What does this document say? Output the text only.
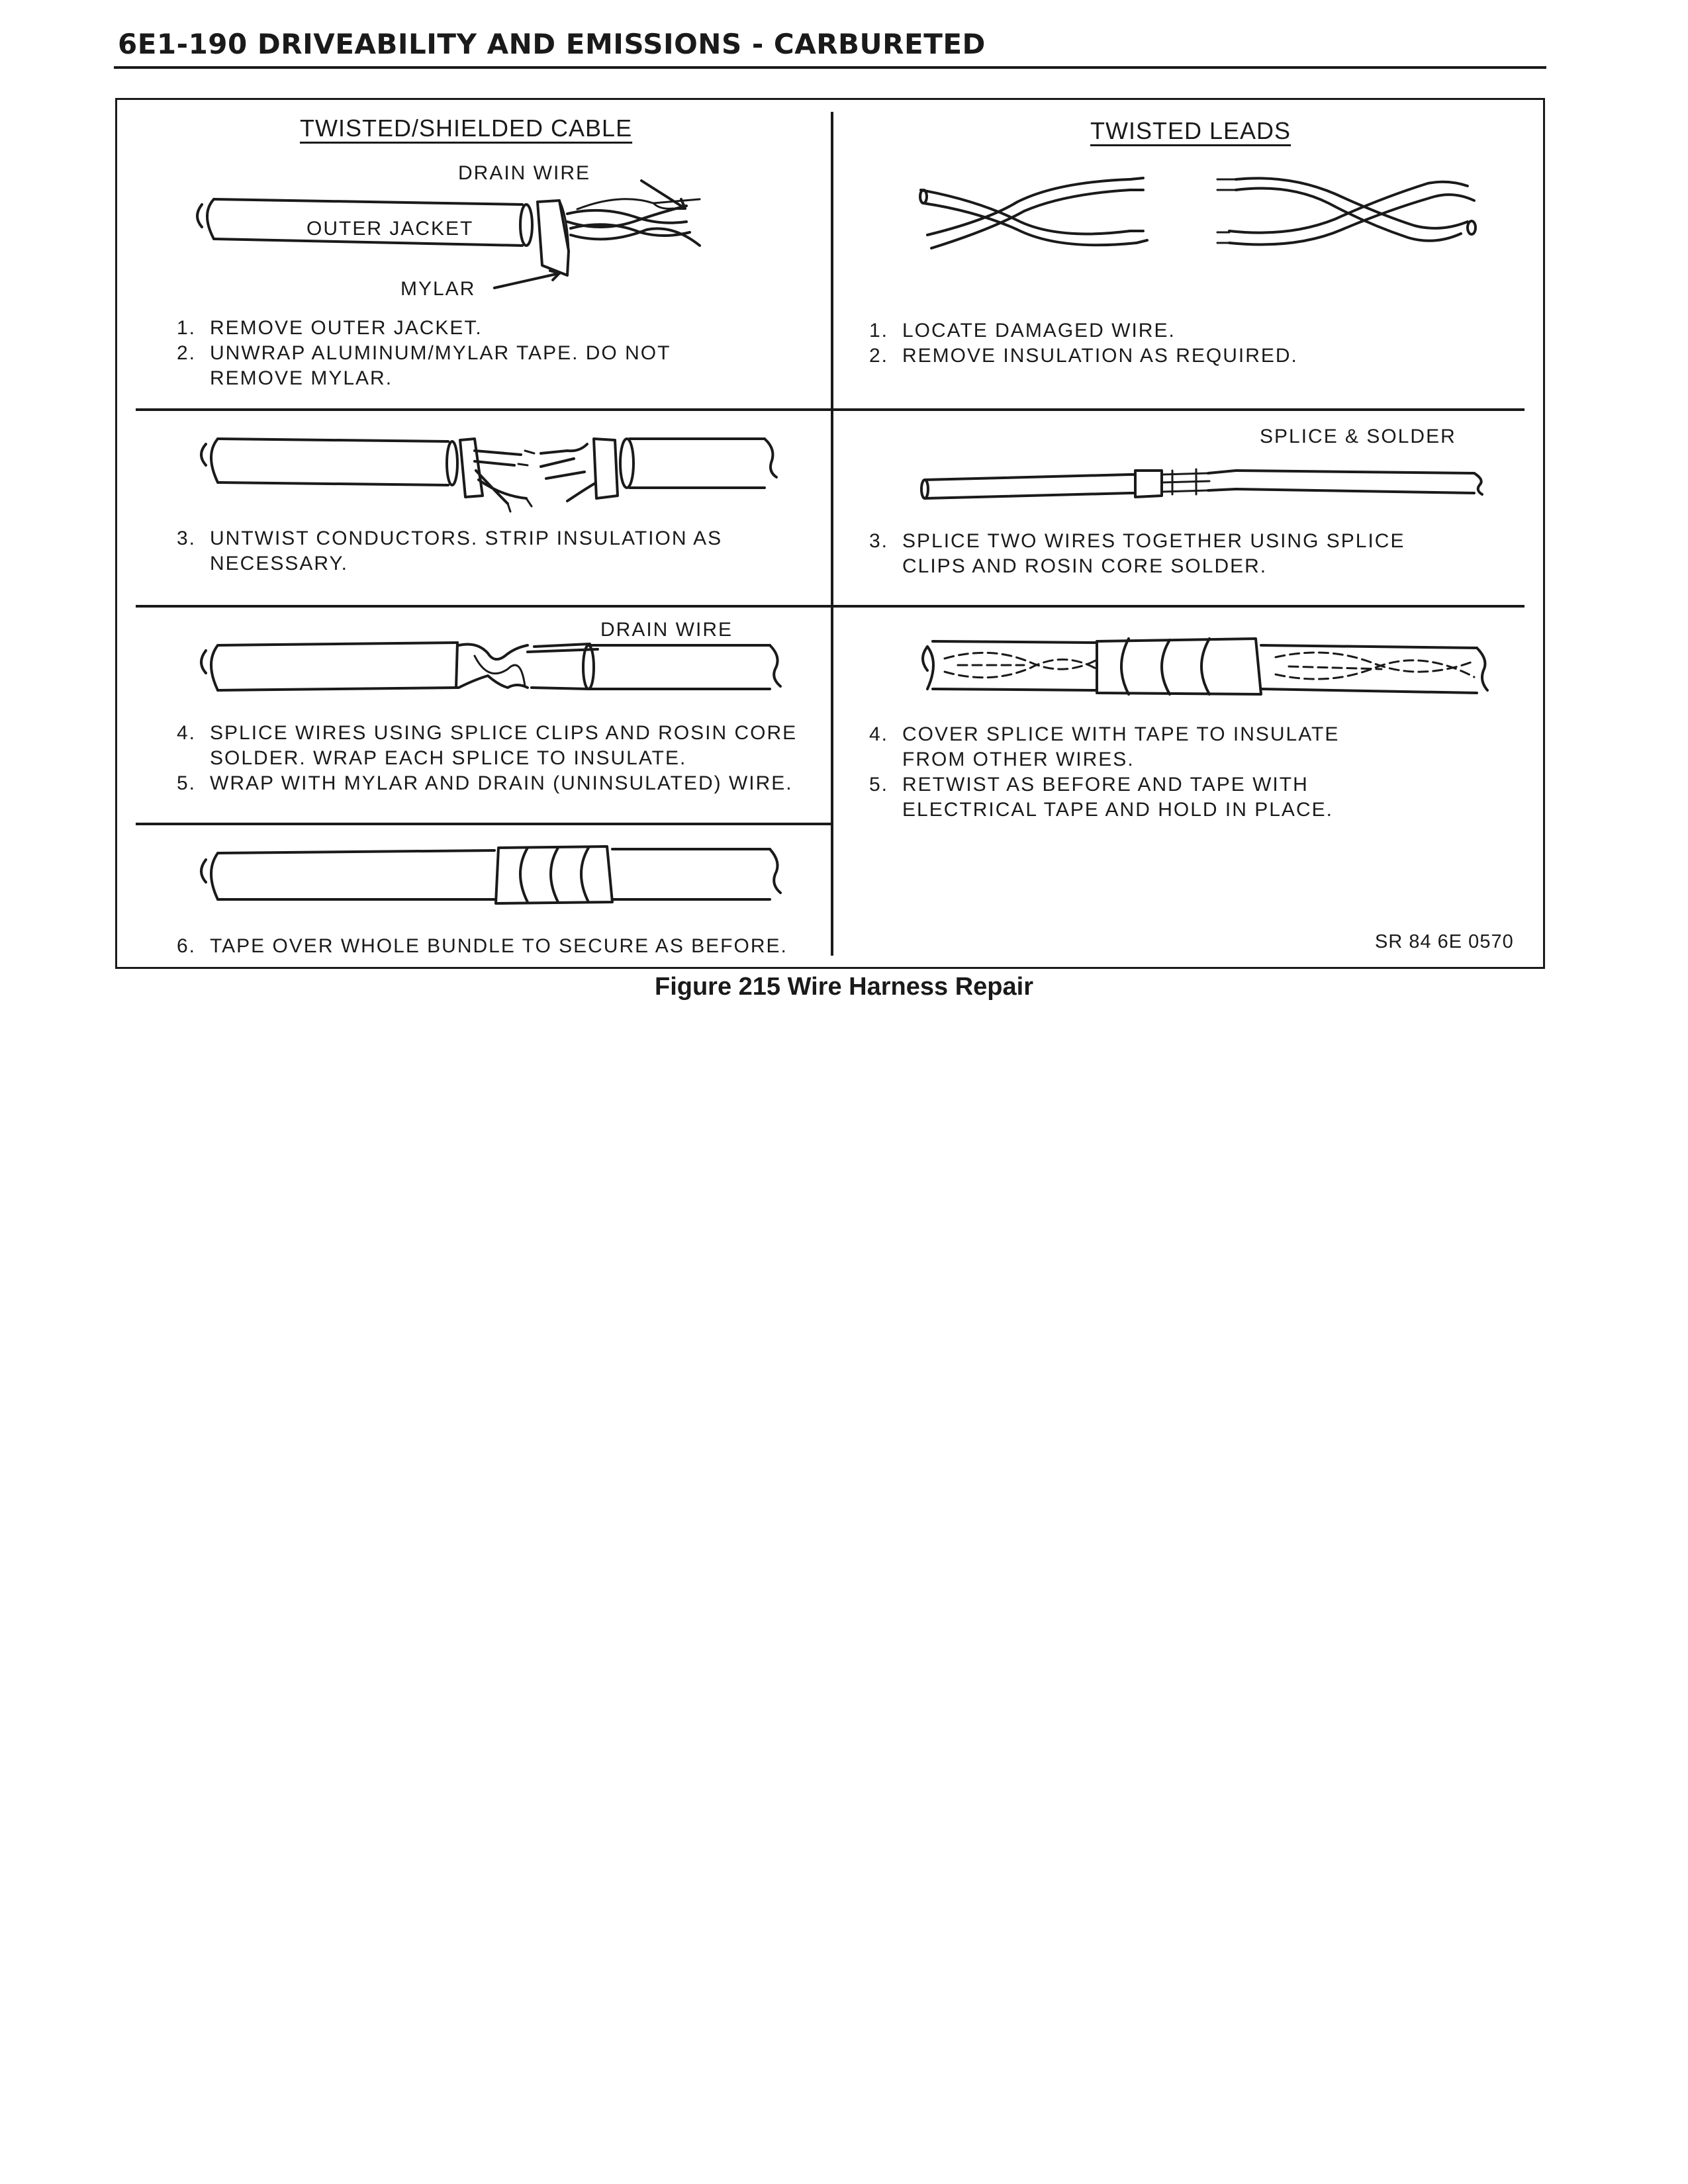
6E1-190 DRIVEABILITY AND EMISSIONS - CARBURETED
TWISTED/SHIELDED CABLE
DRAIN WIRE
OUTER JACKET
MYLAR
1. REMOVE OUTER JACKET.
2. UNWRAP ALUMINUM/MYLAR TAPE. DO NOT
REMOVE MYLAR.
3. UNTWIST CONDUCTORS. STRIP INSULATION AS
NECESSARY.
DRAIN WIRE
4. SPLICE WIRES USING SPLICE CLIPS AND ROSIN CORE
SOLDER. WRAP EACH SPLICE TO INSULATE.
5. WRAP WITH MYLAR AND DRAIN (UNINSULATED) WIRE.
6. TAPE OVER WHOLE BUNDLE TO SECURE AS BEFORE.
TWISTED LEADS
1. LOCATE DAMAGED WIRE.
2. REMOVE INSULATION AS REQUIRED.
SPLICE & SOLDER
3. SPLICE TWO WIRES TOGETHER USING SPLICE
CLIPS AND ROSIN CORE SOLDER.
4. COVER SPLICE WITH TAPE TO INSULATE
FROM OTHER WIRES.
5. RETWIST AS BEFORE AND TAPE WITH
ELECTRICAL TAPE AND HOLD IN PLACE.
SR 84 6E 0570
Figure 215 Wire Harness Repair
